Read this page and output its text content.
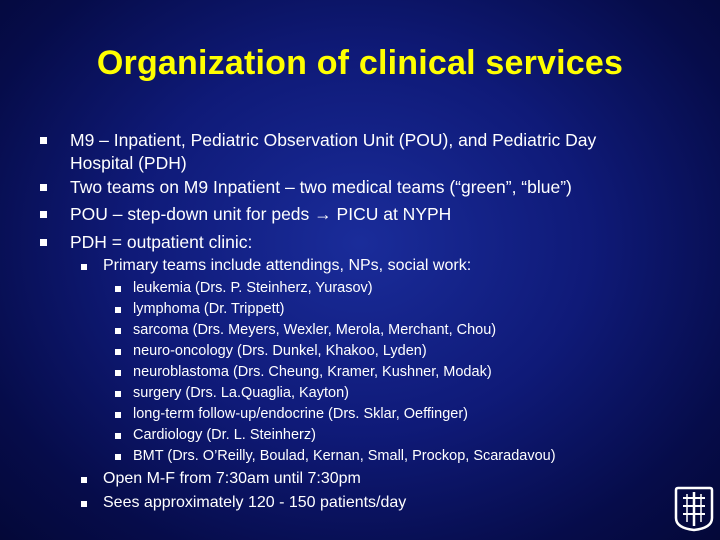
Organization of clinical services
M9 – Inpatient, Pediatric Observation Unit (POU), and Pediatric Day
Hospital (PDH)
Two teams on M9 Inpatient – two medical teams (“green”, “blue”)
POU – step-down unit for peds → PICU at NYPH
PDH = outpatient clinic:
Primary teams include attendings, NPs, social work:
leukemia (Drs. P. Steinherz, Yurasov)
lymphoma (Dr. Trippett)
sarcoma (Drs. Meyers, Wexler, Merola, Merchant, Chou)
neuro-oncology (Drs. Dunkel, Khakoo, Lyden)
neuroblastoma (Drs. Cheung, Kramer, Kushner, Modak)
surgery (Drs. La.Quaglia, Kayton)
long-term follow-up/endocrine (Drs. Sklar, Oeffinger)
Cardiology (Dr. L. Steinherz)
BMT (Drs. O’Reilly, Boulad, Kernan, Small, Prockop, Scaradavou)
Open M-F from 7:30am until 7:30pm
Sees approximately 120 - 150 patients/day
